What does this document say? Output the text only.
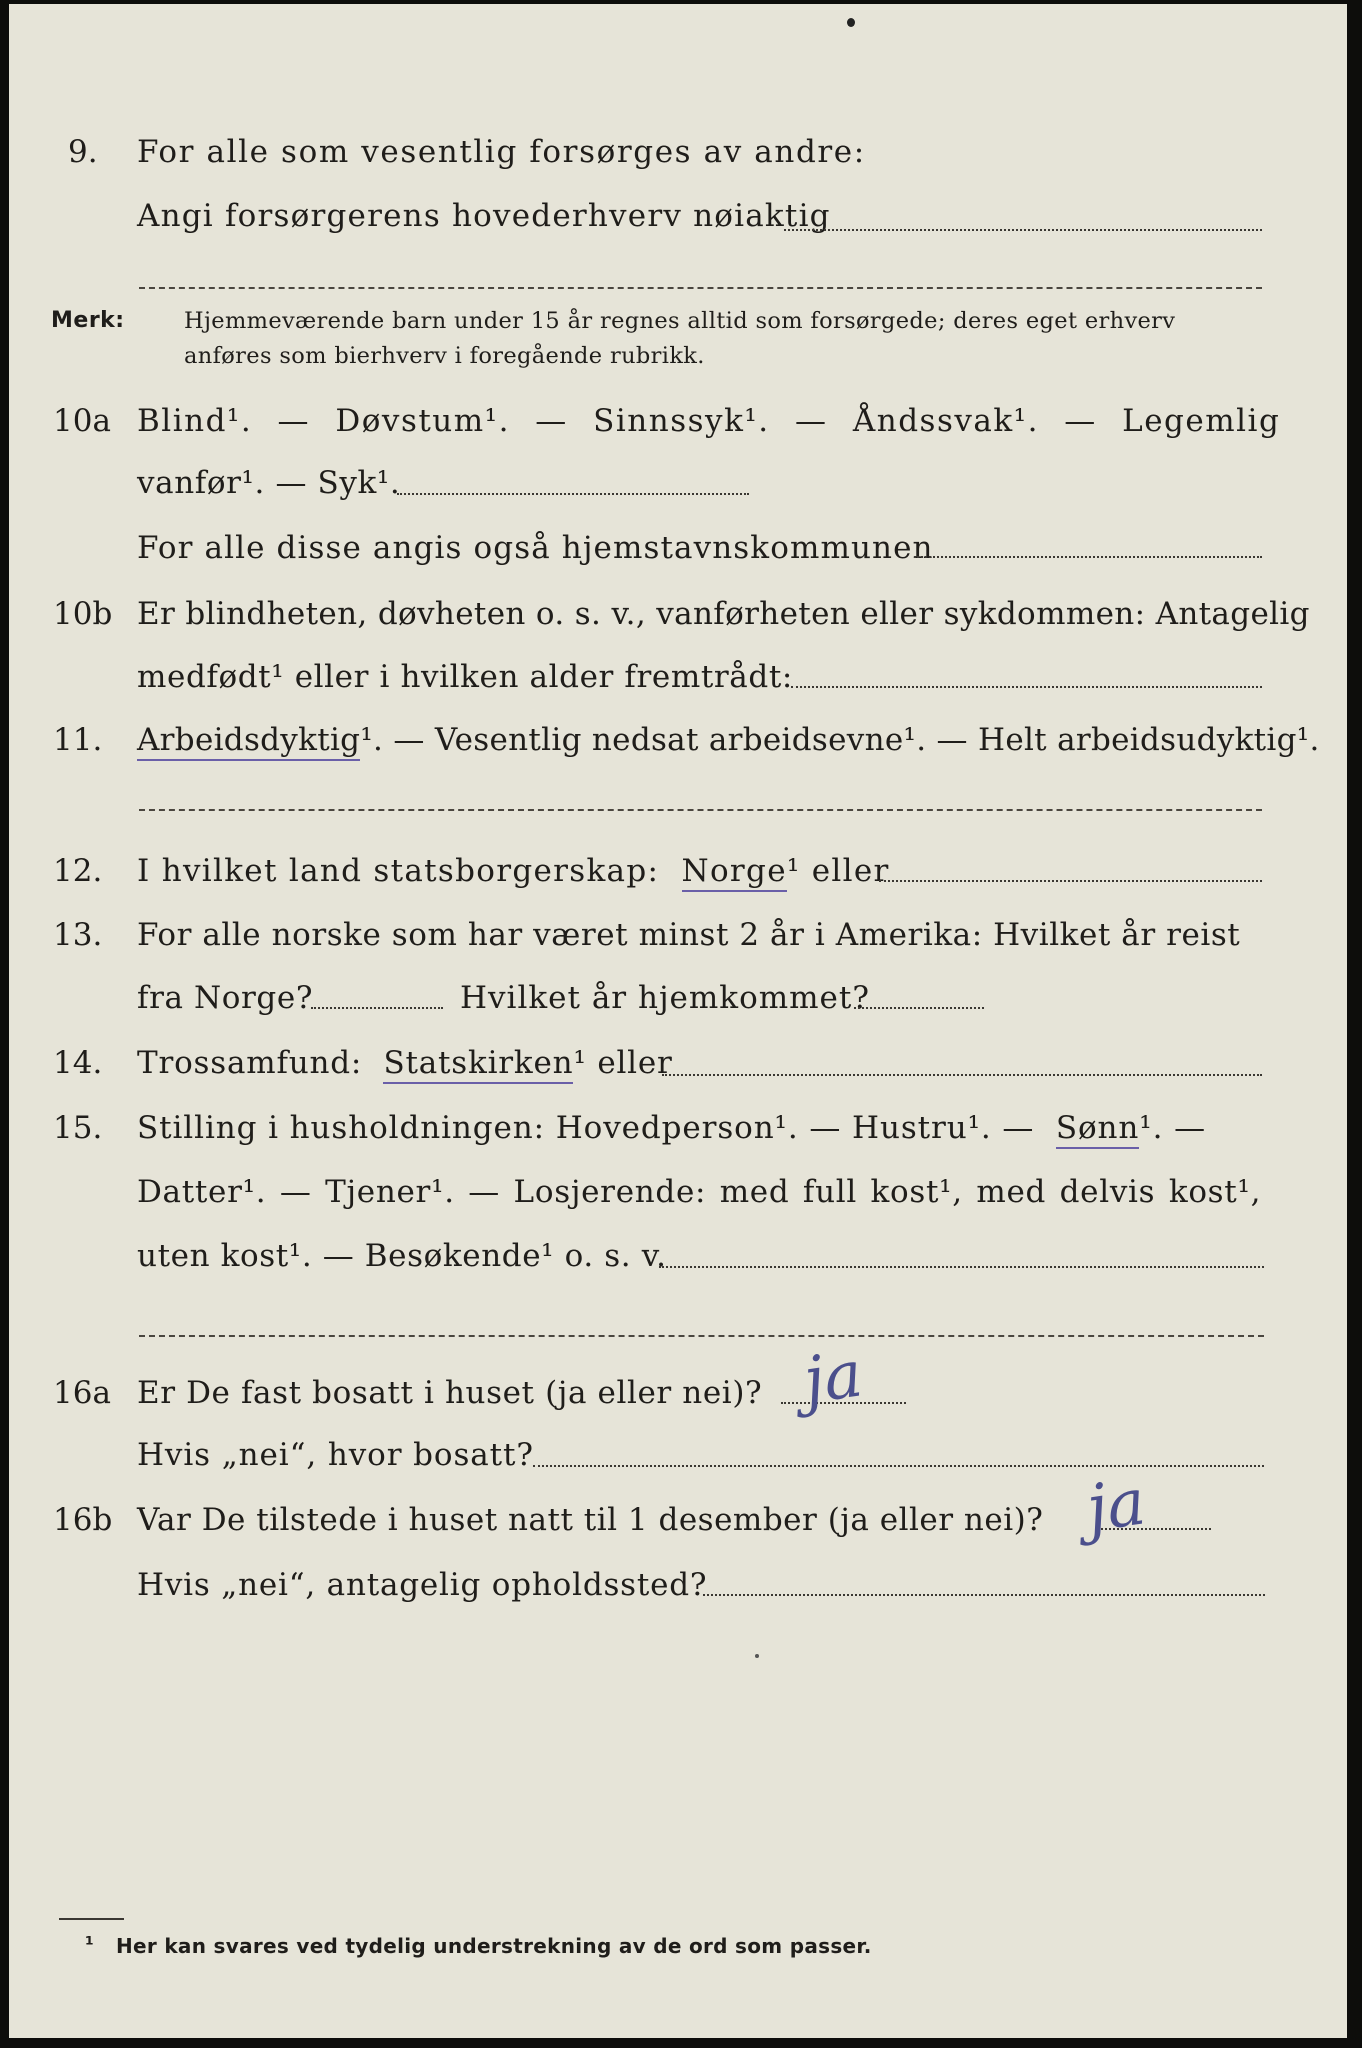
9. For alle som vesentlig forsørges av andre:
Angi forsørgerens hovederhverv nøiaktig
Merk:	Hjemmeværende barn under 15 år regnes alltid som forsørgede; deres eget erhverv
anføres som bierhverv i foregående rubrikk.
10a Blind¹. — Døvstum¹. — Sinnssyk¹. — Åndssvak¹. — Legemlig
vanfør¹. — Syk¹.
For alle disse angis også hjemstavnskommunen
10b Er blindheten, døvheten o. s. v., vanførheten eller sykdommen: Antagelig
medfødt¹ eller i hvilken alder fremtrådt:
11. Arbeidsdyktig¹. — Vesentlig nedsat arbeidsevne¹. — Helt arbeidsudyktig¹.
12. I hvilket land statsborgerskap: Norge¹ eller
13. For alle norske som har været minst 2 år i Amerika: Hvilket år reist
fra Norge?	Hvilket år hjemkommet?
14. Trossamfund: Statskirken¹ eller
15. Stilling i husholdningen: Hovedperson¹. — Hustru¹. — Sønn¹. —
Datter¹. — Tjener¹. — Losjerende: med full kost¹, med delvis kost¹,
uten kost¹. — Besøkende¹ o. s. v.
16a Er De fast bosatt i huset (ja eller nei)? ja
Hvis „nei“, hvor bosatt?
16b Var De tilstede i huset natt til 1 desember (ja eller nei)? ja
Hvis „nei“, antagelig opholdssted?
¹ Her kan svares ved tydelig understrekning av de ord som passer.
